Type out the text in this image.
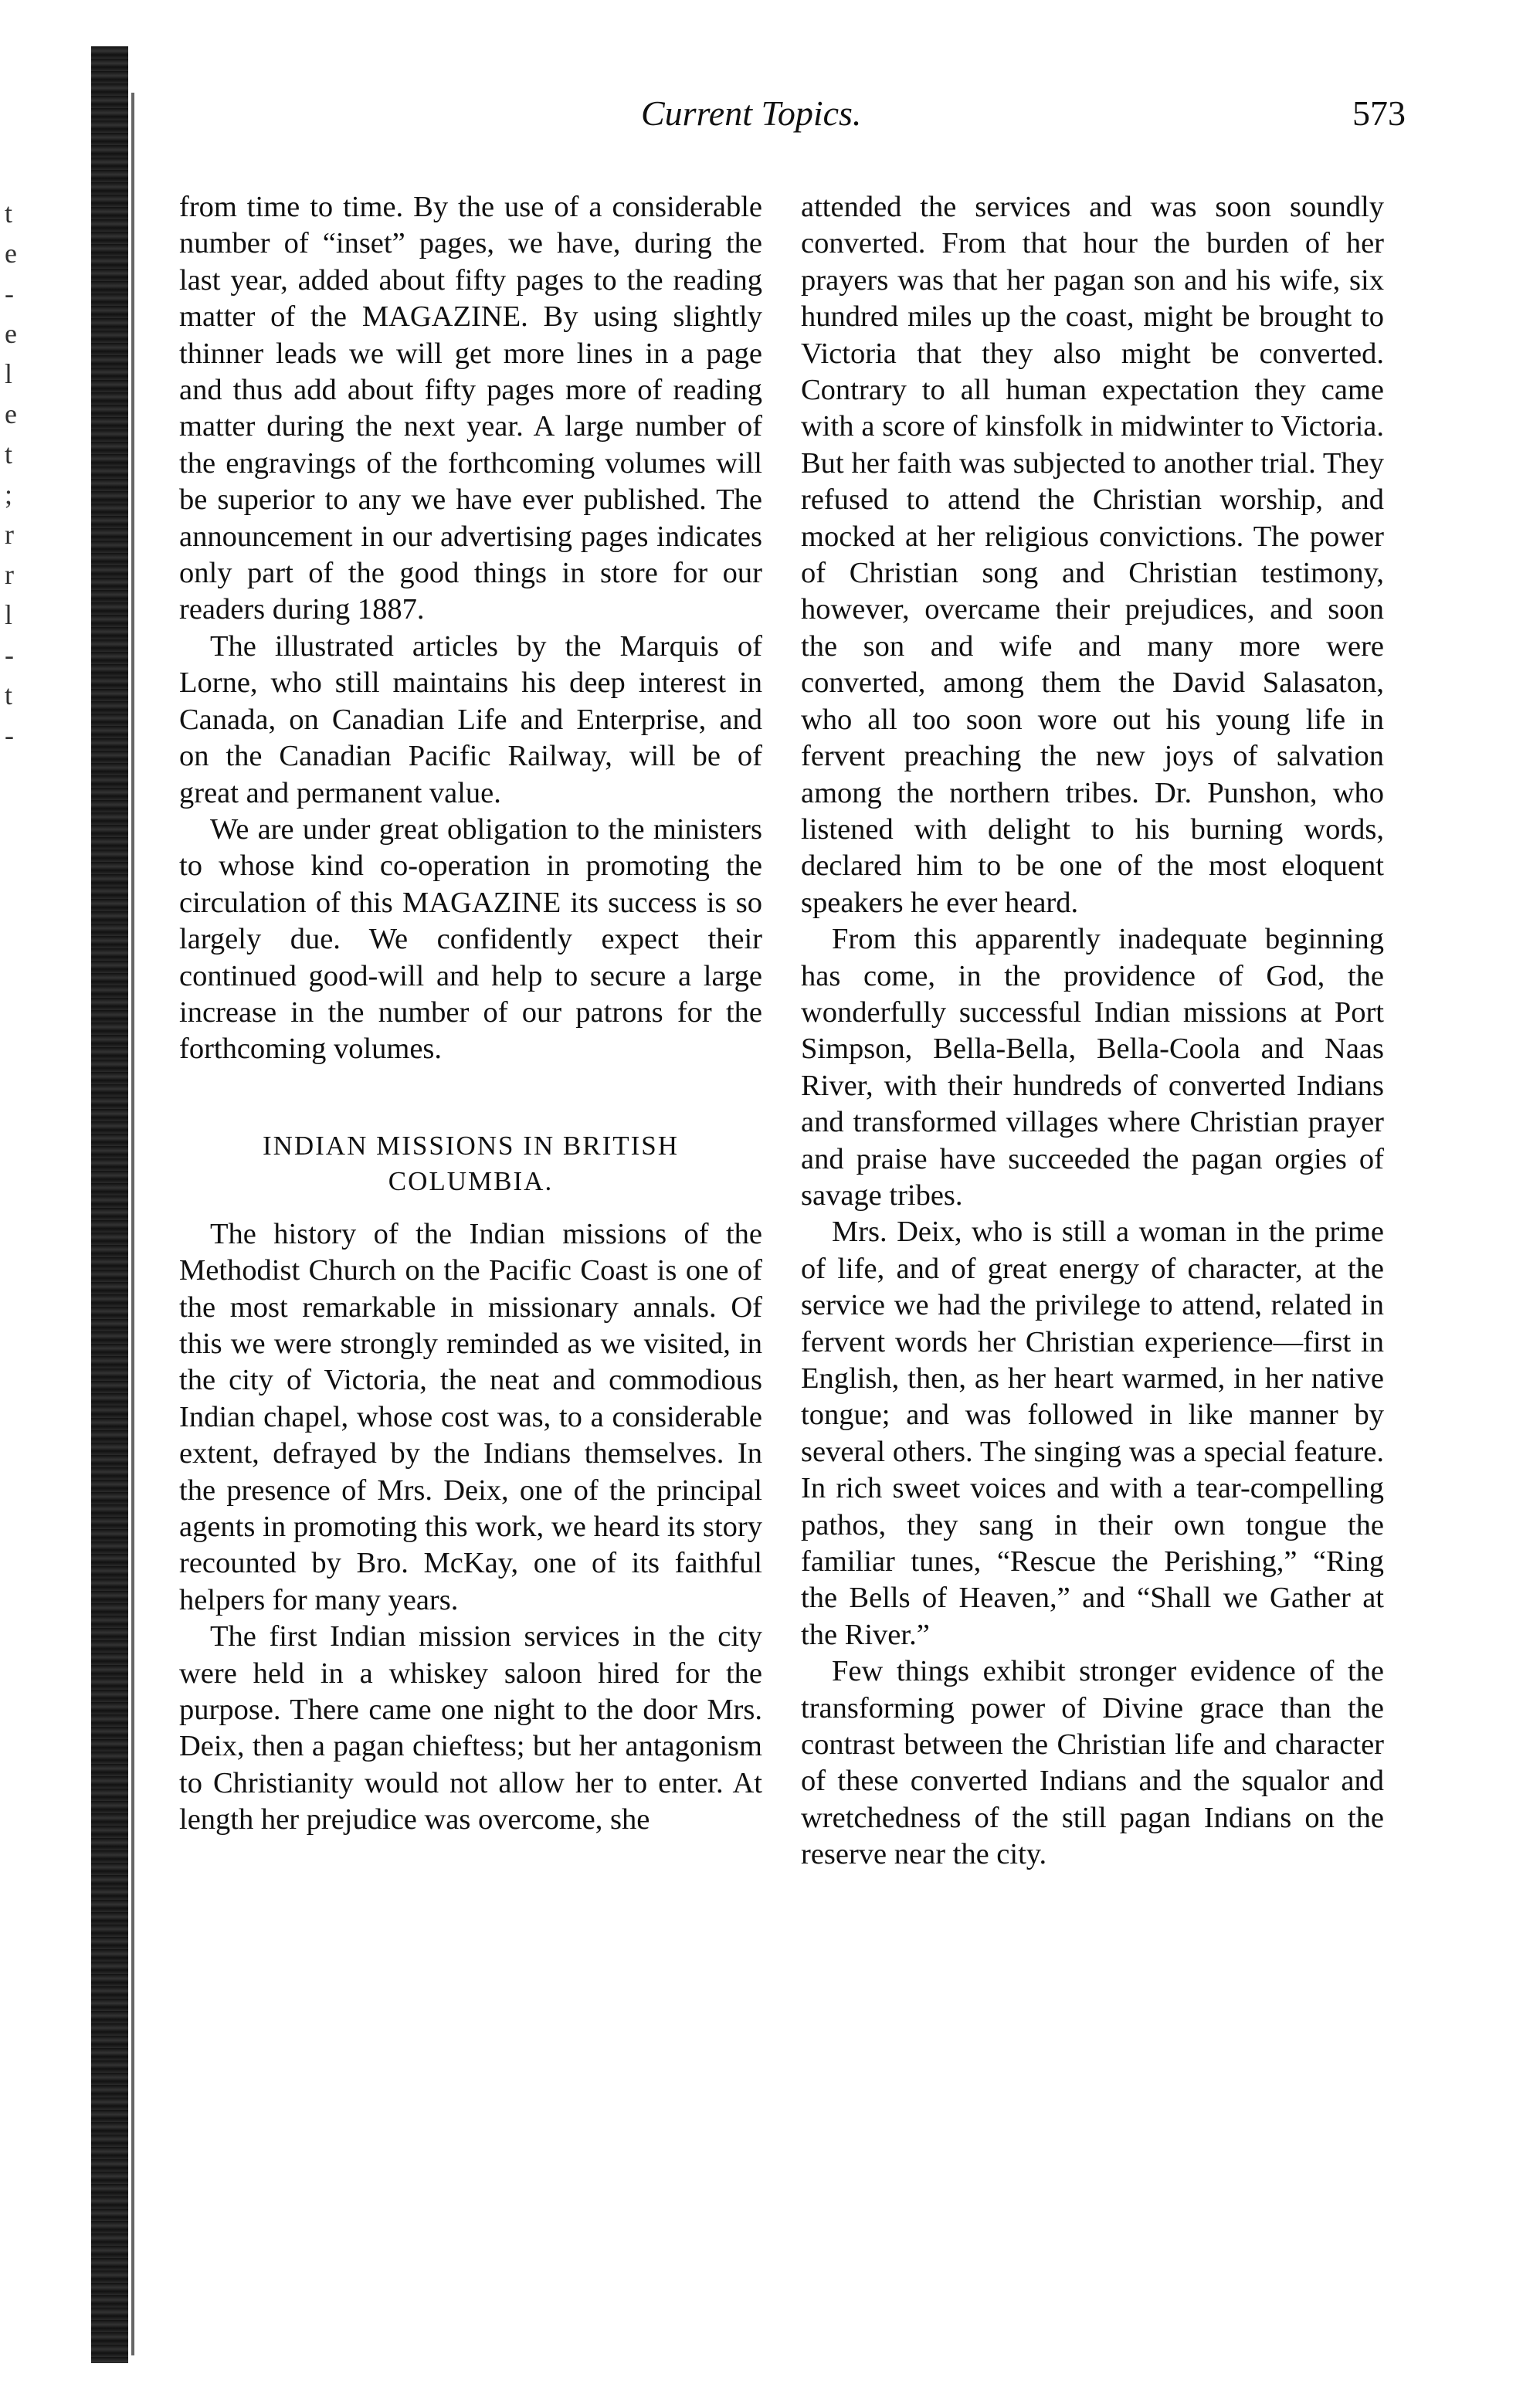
t
e
-
e
l
e
t
;
r
r
l
-
t
-
Current Topics.	573

from time to time. By the use of a considerable number of “inset” pages, we have, during the last year, added about fifty pages to the reading matter of the MAGAZINE. By using slightly thinner leads we will get more lines in a page and thus add about fifty pages more of reading matter during the next year. A large number of the engravings of the forthcoming volumes will be superior to any we have ever published. The announcement in our advertising pages indicates only part of the good things in store for our readers during 1887.

The illustrated articles by the Marquis of Lorne, who still maintains his deep interest in Canada, on Canadian Life and Enterprise, and on the Canadian Pacific Railway, will be of great and permanent value.

We are under great obligation to the ministers to whose kind co-operation in promoting the circulation of this MAGAZINE its success is so largely due. We confidently expect their continued good-will and help to secure a large increase in the number of our patrons for the forthcoming volumes.

INDIAN MISSIONS IN BRITISH
COLUMBIA.

The history of the Indian missions of the Methodist Church on the Pacific Coast is one of the most remarkable in missionary annals. Of this we were strongly reminded as we visited, in the city of Victoria, the neat and commodious Indian chapel, whose cost was, to a considerable extent, defrayed by the Indians themselves. In the presence of Mrs. Deix, one of the principal agents in promoting this work, we heard its story recounted by Bro. McKay, one of its faithful helpers for many years.

The first Indian mission services in the city were held in a whiskey saloon hired for the purpose. There came one night to the door Mrs. Deix, then a pagan chieftess; but her antagonism to Christianity would not allow her to enter. At length her prejudice was overcome, she

attended the services and was soon soundly converted. From that hour the burden of her prayers was that her pagan son and his wife, six hundred miles up the coast, might be brought to Victoria that they also might be converted. Contrary to all human expectation they came with a score of kinsfolk in midwinter to Victoria. But her faith was subjected to another trial. They refused to attend the Christian worship, and mocked at her religious convictions. The power of Christian song and Christian testimony, however, overcame their prejudices, and soon the son and wife and many more were converted, among them the David Salasaton, who all too soon wore out his young life in fervent preaching the new joys of salvation among the northern tribes. Dr. Punshon, who listened with delight to his burning words, declared him to be one of the most eloquent speakers he ever heard.

From this apparently inadequate beginning has come, in the providence of God, the wonderfully successful Indian missions at Port Simpson, Bella-Bella, Bella-Coola and Naas River, with their hundreds of converted Indians and transformed villages where Christian prayer and praise have succeeded the pagan orgies of savage tribes.

Mrs. Deix, who is still a woman in the prime of life, and of great energy of character, at the service we had the privilege to attend, related in fervent words her Christian experience—first in English, then, as her heart warmed, in her native tongue; and was followed in like manner by several others. The singing was a special feature. In rich sweet voices and with a tear-compelling pathos, they sang in their own tongue the familiar tunes, “Rescue the Perishing,” “Ring the Bells of Heaven,” and “Shall we Gather at the River.”

Few things exhibit stronger evidence of the transforming power of Divine grace than the contrast between the Christian life and character of these converted Indians and the squalor and wretchedness of the still pagan Indians on the reserve near the city.
